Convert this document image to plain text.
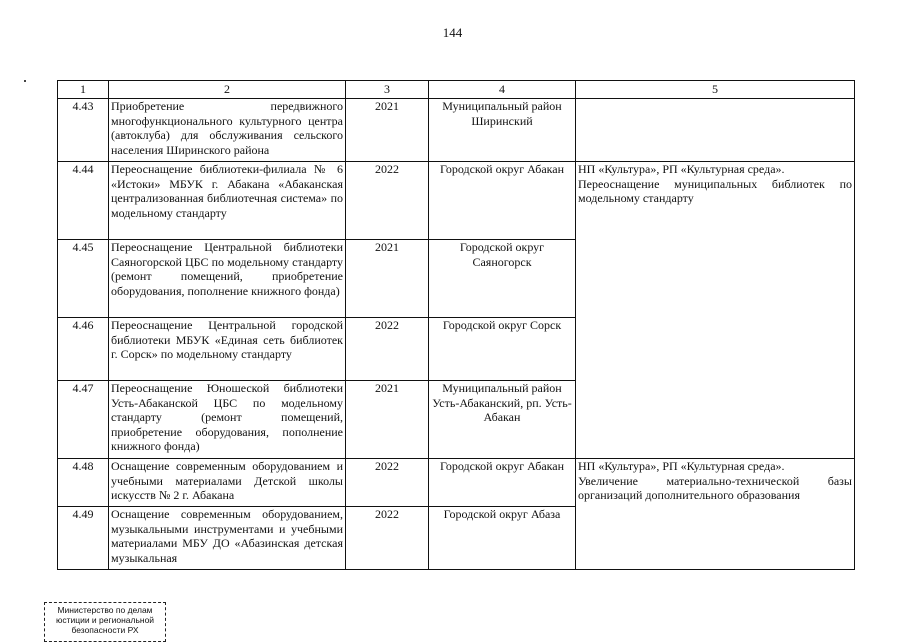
144
1	2	3	4	5
4.43	Приобретение передвижного многофункционального культурного центра (автоклуба) для обслуживания сельского населения Ширинского района	2021	Муниципальный район Ширинский	
4.44	Переоснащение библиотеки-филиала № 6 «Истоки» МБУК г. Абакана «Абаканская централизованная библиотечная система» по модельному стандарту	2022	Городской округ Абакан	НП «Культура», РП «Культурная среда».
Переоснащение муниципальных библиотек по модельному стандарту

4.45	Переоснащение Центральной библиотеки Саяногорской ЦБС по модельному стандарту (ремонт помещений, приобретение оборудования, пополнение книжного фонда)	2021	Городской округ Саяногорск	
4.46	Переоснащение Центральной городской библиотеки МБУК «Единая сеть библиотек г. Сорск» по модельному стандарту	2022	Городской округ Сорск	
4.47	Переоснащение Юношеской библиотеки Усть-Абаканской ЦБС по модельному стандарту (ремонт помещений, приобретение оборудования, пополнение книжного фонда)	2021	Муниципальный район Усть-Абаканский, рп. Усть-Абакан	
4.48	Оснащение современным оборудованием и учебными материалами Детской школы искусств № 2 г. Абакана	2022	Городской округ Абакан	НП «Культура», РП «Культурная среда».
Увеличение материально-технической базы организаций дополнительного образования

4.49	Оснащение современным оборудованием, музыкальными инструментами и учебными материалами МБУ ДО «Абазинская детская музыкальная	2022	Городской округ Абаза	
Министерство по делам
юстиции и региональной
безопасности РХ
